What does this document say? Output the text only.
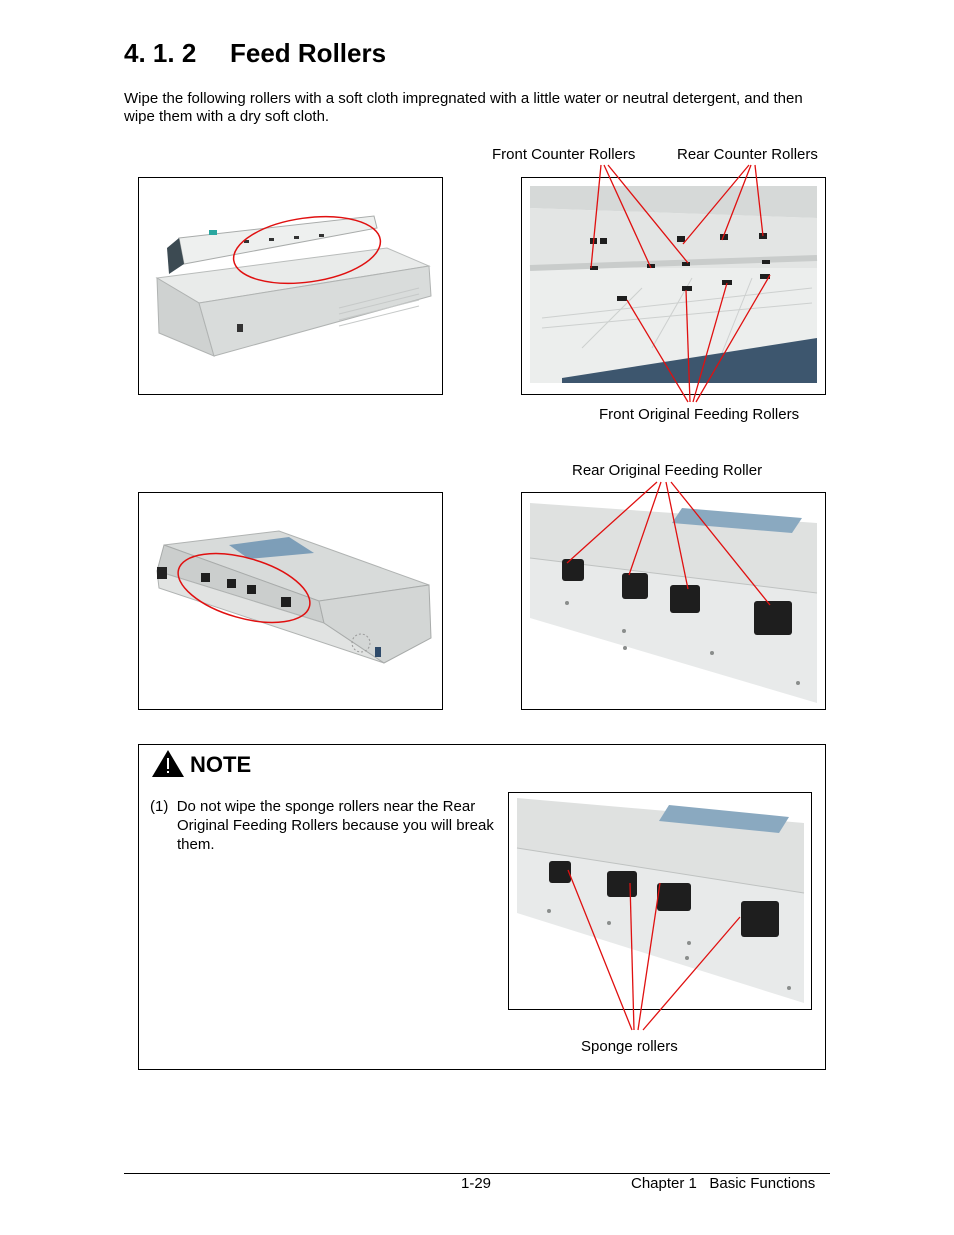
4. 1. 2 Feed Rollers
Wipe the following rollers with a soft cloth impregnated with a little water or neutral detergent, and then wipe them with a dry soft cloth.
Front Counter Rollers	Rear Counter Rollers
Front Original Feeding Rollers
Rear Original Feeding Roller
NOTE
(1) Do not wipe the sponge rollers near the Rear
Original Feeding Rollers because you will break them.
Sponge rollers
1-29	Chapter 1   Basic Functions
